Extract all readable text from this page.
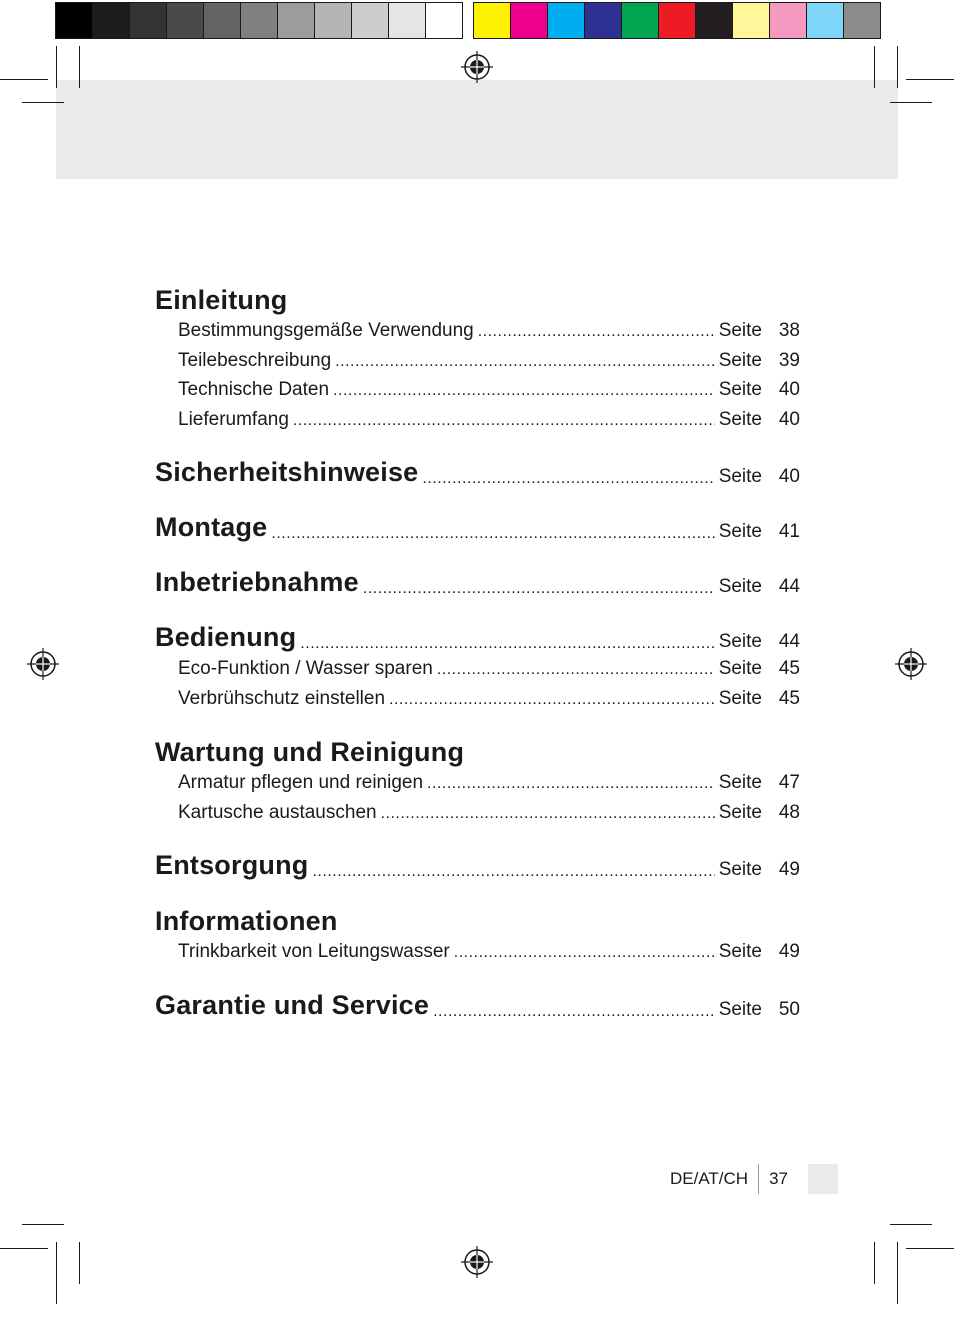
Einleitung
Bestimmungsgemäße Verwendung .....	Seite 38
Teilebeschreibung .....	Seite 39
Technische Daten .....	Seite 40
Lieferumfang .....	Seite 40
Sicherheitshinweise .....	Seite 40
Montage .....	Seite 41
Inbetriebnahme .....	Seite 44
Bedienung .....	Seite 44
Eco-Funktion / Wasser sparen .....	Seite 45
Verbrühschutz einstellen .....	Seite 45
Wartung und Reinigung
Armatur pflegen und reinigen .....	Seite 47
Kartusche austauschen .....	Seite 48
Entsorgung .....	Seite 49
Informationen
Trinkbarkeit von Leitungswasser .....	Seite 49
Garantie und Service .....	Seite 50
DE/AT/CH 37
